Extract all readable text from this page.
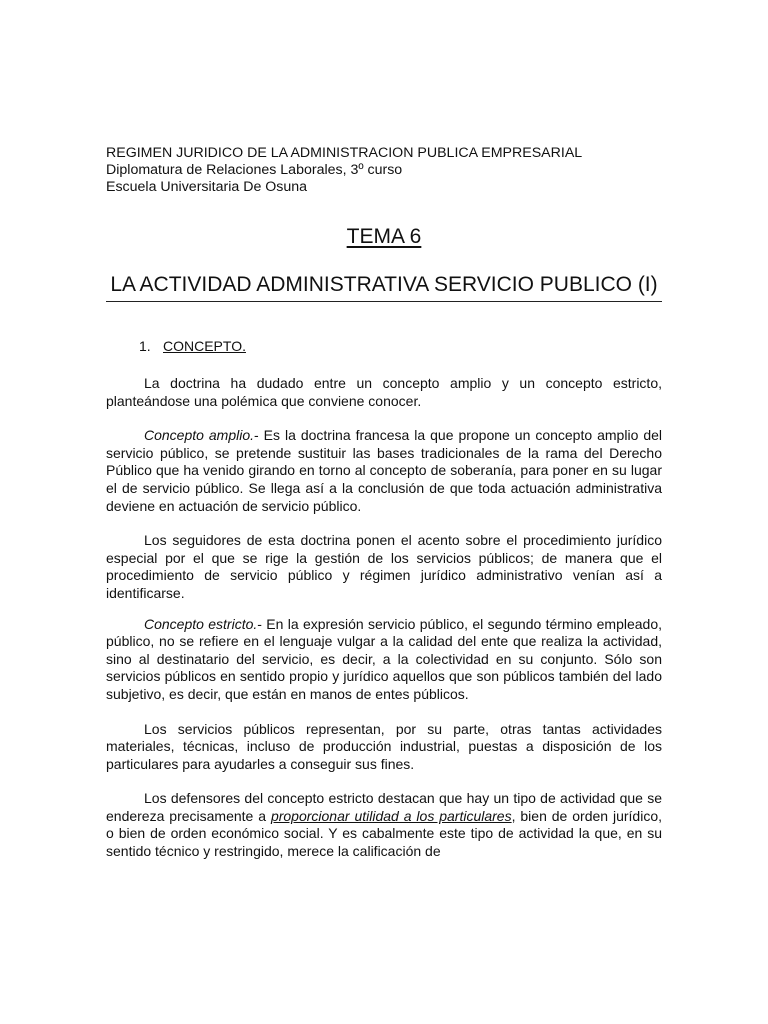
REGIMEN JURIDICO DE LA ADMINISTRACION PUBLICA EMPRESARIAL
Diplomatura de Relaciones Laborales, 3º curso
Escuela Universitaria De Osuna
TEMA 6
LA ACTIVIDAD ADMINISTRATIVA SERVICIO PUBLICO (I)
1. CONCEPTO.

La doctrina ha dudado entre un concepto amplio y un concepto estricto, planteándose una polémica que conviene conocer.

Concepto amplio.- Es la doctrina francesa la que propone un concepto amplio del servicio público, se pretende sustituir las bases tradicionales de la rama del Derecho Público que ha venido girando en torno al concepto de soberanía, para poner en su lugar el de servicio público. Se llega así a la conclusión de que toda actuación administrativa deviene en actuación de servicio público.

Los seguidores de esta doctrina ponen el acento sobre el procedimiento jurídico especial por el que se rige la gestión de los servicios públicos; de manera que el procedimiento de servicio público y régimen jurídico administrativo venían así a identificarse.

Concepto estricto.- En la expresión servicio público, el segundo término empleado, público, no se refiere en el lenguaje vulgar a la calidad del ente que realiza la actividad, sino al destinatario del servicio, es decir, a la colectividad en su conjunto. Sólo son servicios públicos en sentido propio y jurídico aquellos que son públicos también del lado subjetivo, es decir, que están en manos de entes públicos.

Los servicios públicos representan, por su parte, otras tantas actividades materiales, técnicas, incluso de producción industrial, puestas a disposición de los particulares para ayudarles a conseguir sus fines.

Los defensores del concepto estricto destacan que hay un tipo de actividad que se endereza precisamente a proporcionar utilidad a los particulares, bien de orden jurídico, o bien de orden económico social. Y es cabalmente este tipo de actividad la que, en su sentido técnico y restringido, merece la calificación de
